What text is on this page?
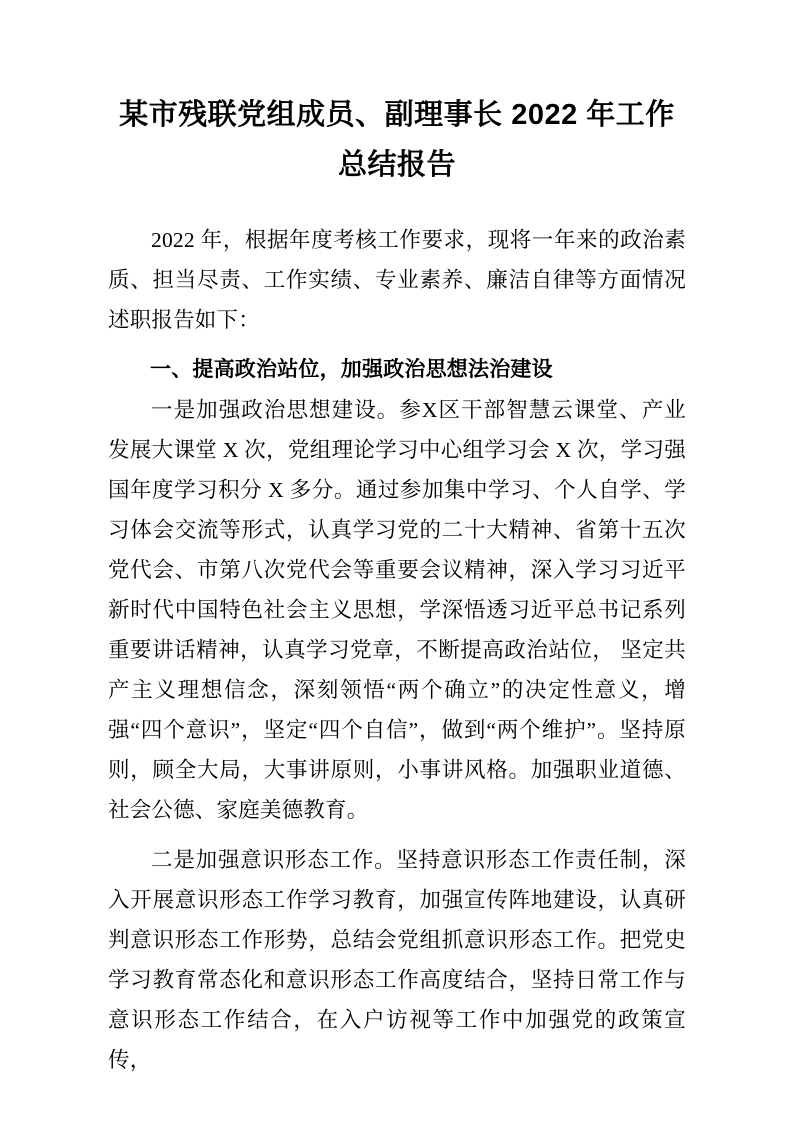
某市残联党组成员、副理事长 2022 年工作总结报告

2022 年，根据年度考核工作要求，现将一年来的政治素质、担当尽责、工作实绩、专业素养、廉洁自律等方面情况述职报告如下：

一、提高政治站位，加强政治思想法治建设

一是加强政治思想建设。参X区干部智慧云课堂、产业发展大课堂 X 次，党组理论学习中心组学习会 X 次，学习强国年度学习积分 X 多分。通过参加集中学习、个人自学、学习体会交流等形式，认真学习党的二十大精神、省第十五次党代会、市第八次党代会等重要会议精神，深入学习习近平新时代中国特色社会主义思想，学深悟透习近平总书记系列重要讲话精神，认真学习党章，不断提高政治站位， 坚定共产主义理想信念，深刻领悟“两个确立”的决定性意义，增强“四个意识”，坚定“四个自信”，做到“两个维护”。坚持原则，顾全大局，大事讲原则，小事讲风格。加强职业道德、社会公德、家庭美德教育。

二是加强意识形态工作。坚持意识形态工作责任制，深入开展意识形态工作学习教育，加强宣传阵地建设，认真研判意识形态工作形势，总结会党组抓意识形态工作。把党史学习教育常态化和意识形态工作高度结合，坚持日常工作与意识形态工作结合，在入户访视等工作中加强党的政策宣传，
